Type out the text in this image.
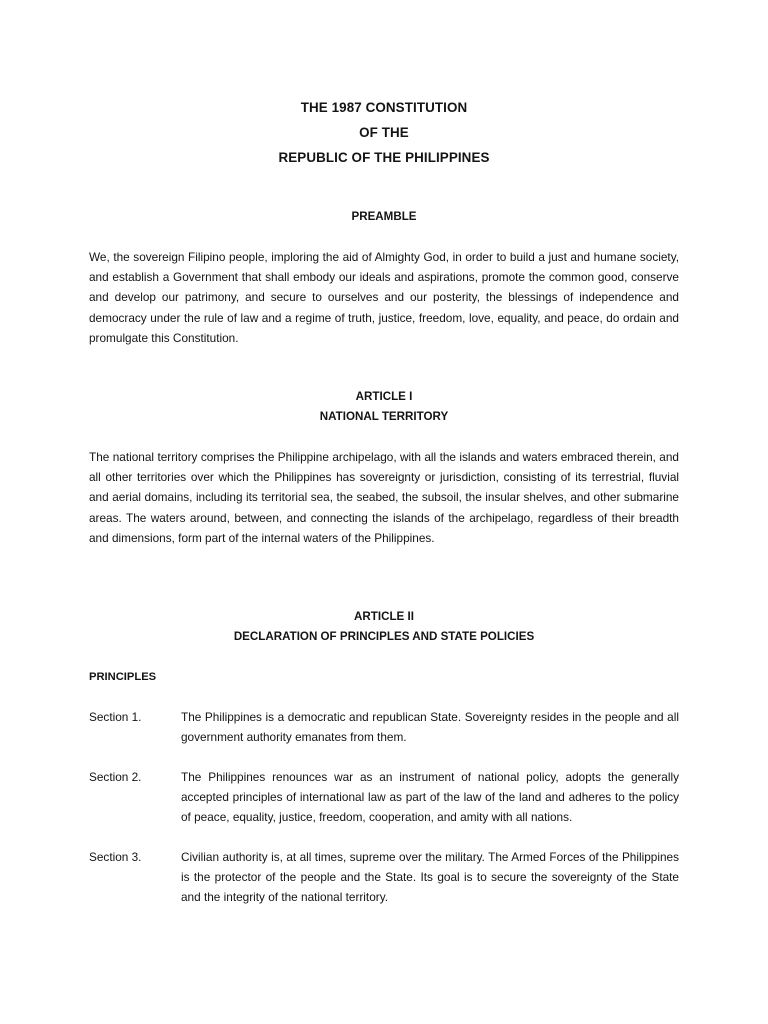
THE 1987 CONSTITUTION
OF THE
REPUBLIC OF THE PHILIPPINES
PREAMBLE
We, the sovereign Filipino people, imploring the aid of Almighty God, in order to build a just and humane society, and establish a Government that shall embody our ideals and aspirations, promote the common good, conserve and develop our patrimony, and secure to ourselves and our posterity, the blessings of independence and democracy under the rule of law and a regime of truth, justice, freedom, love, equality, and peace, do ordain and promulgate this Constitution.
ARTICLE I
NATIONAL TERRITORY
The national territory comprises the Philippine archipelago, with all the islands and waters embraced therein, and all other territories over which the Philippines has sovereignty or jurisdiction, consisting of its terrestrial, fluvial and aerial domains, including its territorial sea, the seabed, the subsoil, the insular shelves, and other submarine areas. The waters around, between, and connecting the islands of the archipelago, regardless of their breadth and dimensions, form part of the internal waters of the Philippines.
ARTICLE II
DECLARATION OF PRINCIPLES AND STATE POLICIES
PRINCIPLES
Section 1.	The Philippines is a democratic and republican State. Sovereignty resides in the people and all government authority emanates from them.
Section 2.	The Philippines renounces war as an instrument of national policy, adopts the generally accepted principles of international law as part of the law of the land and adheres to the policy of peace, equality, justice, freedom, cooperation, and amity with all nations.
Section 3.	Civilian authority is, at all times, supreme over the military. The Armed Forces of the Philippines is the protector of the people and the State. Its goal is to secure the sovereignty of the State and the integrity of the national territory.
